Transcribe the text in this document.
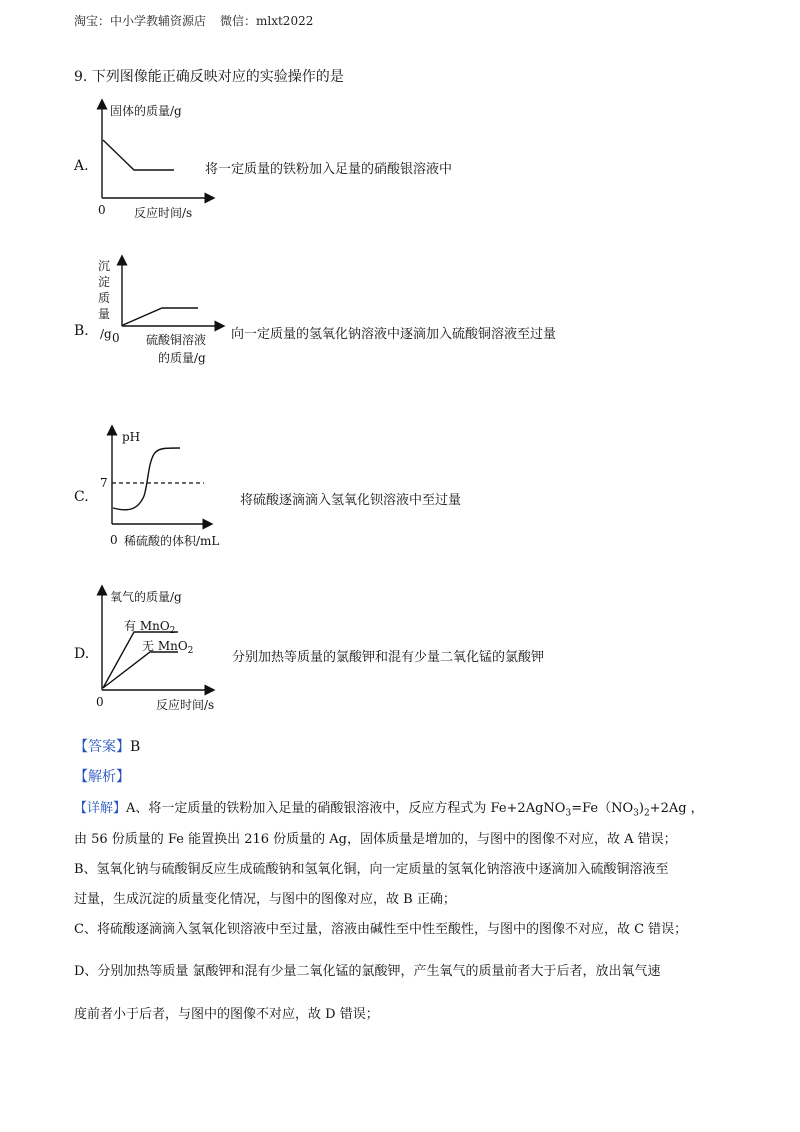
淘宝：中小学教辅资源店 微信：mlxt2022
9. 下列图像能正确反映对应的实验操作的是
A.	将一定质量的铁粉加入足量的硝酸银溶液中
固体的质量/g
0 反应时间/s
B.	向一定质量的氢氧化钠溶液中逐滴加入硫酸铜溶液至过量
沉
淀
质
量
/g 0 硫酸铜溶液
的质量/g
C.	将硫酸逐滴滴入氢氧化钡溶液中至过量
pH
7
0 稀硫酸的体积/mL
D.	分别加热等质量的氯酸钾和混有少量二氧化锰的氯酸钾
氧气的质量/g
有 MnO$_2$
无 MnO$_2$
0	反应时间/s
【答案】B
【解析】
【详解】A、将一定质量的铁粉加入足量的硝酸银溶液中，反应方程式为 $Fe+2AgNO_3=Fe(NO_3)_2+2Ag$ ，
由 56 份质量的 Fe 能置换出 216 份质量的 Ag，固体质量是增加的，与图中的图像不对应，故 A 错误；
B、氢氧化钠与硫酸铜反应生成硫酸钠和氢氧化铜，向一定质量的氢氧化钠溶液中逐滴加入硫酸铜溶液至
过量，生成沉淀的质量变化情况，与图中的图像对应，故 B 正确；
C、将硫酸逐滴滴入氢氧化钡溶液中至过量，溶液由碱性至中性至酸性，与图中的图像不对应，故 C 错误；
D、分别加热等质量 氯酸钾和混有少量二氧化锰的氯酸钾，产生氧气的质量前者大于后者，放出氧气速
度前者小于后者，与图中的图像不对应，故 D 错误；
